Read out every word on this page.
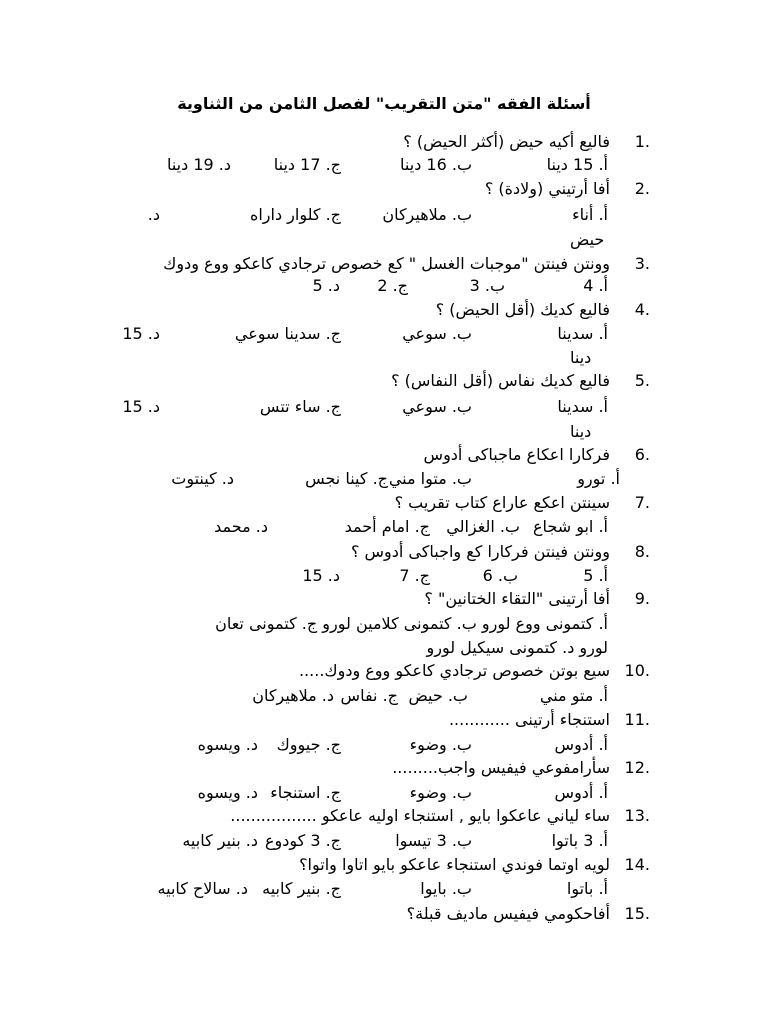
أسئلة الفقه "متن التقريب" لفصل الثامن من الثناوية
1.
فاليع أكيه حيض (أكثر الحيض) ؟
أ. 15 دينا
ب. 16 دينا
ج. 17 دينا
د. 19 دينا
2.
أفا أرتيني (ولادة) ؟
أ. أناء
ب. ملاهيركان
ج. كلوار داراه
د.
حيض
3.
وونتن فينتن "موجبات الغسل " كع خصوص ترجادي كاعكو ووع ودوك
أ. 4
ب. 3
ج. 2
د. 5
4.
فاليع كديك (أقل الحيض) ؟
أ. سدينا
ب. سوعي
ج. سدينا سوعي
د. 15
دينا
5.
فاليع كديك نفاس (أقل النفاس) ؟
أ. سدينا
ب. سوعي
ج. ساء تتس
د. 15
دينا
6.
فركارا اعكاع ماجباكى أدوس
أ. تورو
ب. متوا مني
ج. كينا نجس
د. كينتوت
7.
سينتن اعكع عاراع كتاب تقريب ؟
أ. ابو شجاع
ب. الغزالي
ج. امام أحمد
د. محمد
8.
وونتن فينتن فركارا كع واجباكى أدوس ؟
أ. 5
ب. 6
ج. 7
د. 15
9.
أفا أرتينى "التقاء الختانين" ؟
أ. كتمونى ووع لورو ب. كتمونى كلامين لورو ج. كتمونى تعان
لورو د. كتمونى سيكيل لورو
10.
سيع بوتن خصوص ترجادي كاعكو ووع ودوك.....
أ. متو مني
ب. حيض
ج. نفاس
د. ملاهيركان
11.
استنجاء أرتينى ............
أ. أدوس
ب. وضوء
ج. جيووك
د. ويسوه
12.
سأرامفوعي فيفيس واجب.........
أ. أدوس
ب. وضوء
ج. استنجاء
د. ويسوه
13.
ساء لياني عاعكوا بايو , استنجاء اوليه عاعكو .................
أ. 3 باتوا
ب. 3 تيسوا
ج. 3 كودوع
د. بنير كابيه
14.
لويه اوتما فوندي استنجاء عاعكو بايو اتاوا واتوا؟
أ. باتوا
ب. بايوا
ج. بنير كابيه
د. سالاح كابيه
15.
أفاحكومي فيفيس ماديف قبلة؟
